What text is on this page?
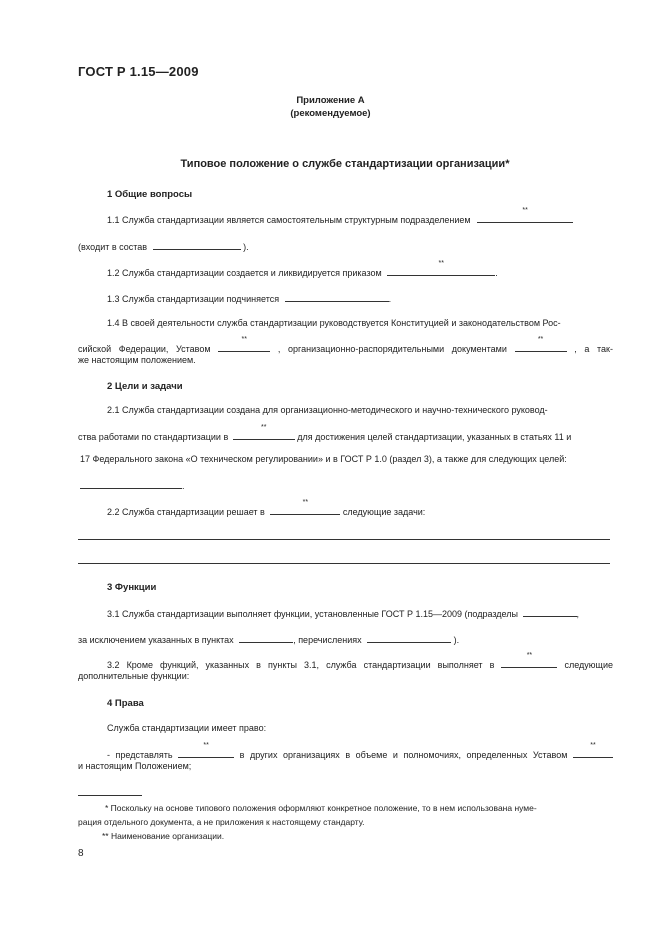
ГОСТ Р 1.15—2009
Приложение А
(рекомендуемое)
Типовое положение о службе стандартизации организации*
1 Общие вопросы
1.1 Служба стандартизации является самостоятельным структурным подразделением
**
(входит в состав	).
1.2 Служба стандартизации создается и ликвидируется приказом
**
.
1.3 Служба стандартизации подчиняется	.
1.4 В своей деятельности служба стандартизации руководствуется Конституцией и законодательством Рос-
сийской Федерации, Уставом
**
, организационно-распорядительными документами
**
, а так-
же настоящим положением.
2 Цели и задачи
2.1 Служба стандартизации создана для организационно-методического и научно-технического руковод-
ства работами по стандартизации в
**
для достижения целей стандартизации, указанных в статьях 11 и
17 Федерального закона «О техническом регулировании» и в ГОСТ Р 1.0 (раздел 3), а также для следующих целей:
.
2.2 Служба стандартизации решает в
**
следующие задачи:
3 Функции
3.1 Служба стандартизации выполняет функции, установленные ГОСТ Р 1.15—2009 (подразделы	,
за исключением указанных в пунктах	, перечислениях	).
3.2 Кроме функций, указанных в пункты 3.1, служба стандартизации выполняет в
**
следующие
дополнительные функции:
4 Права
Служба стандартизации имеет право:
- представлять
**
в других организациях в объеме и полномочиях, определенных Уставом
**
и настоящим Положением;
* Поскольку на основе типового положения оформляют конкретное положение, то в нем использована нуме-
рация отдельного документа, а не приложения к настоящему стандарту.
** Наименование организации.
8
